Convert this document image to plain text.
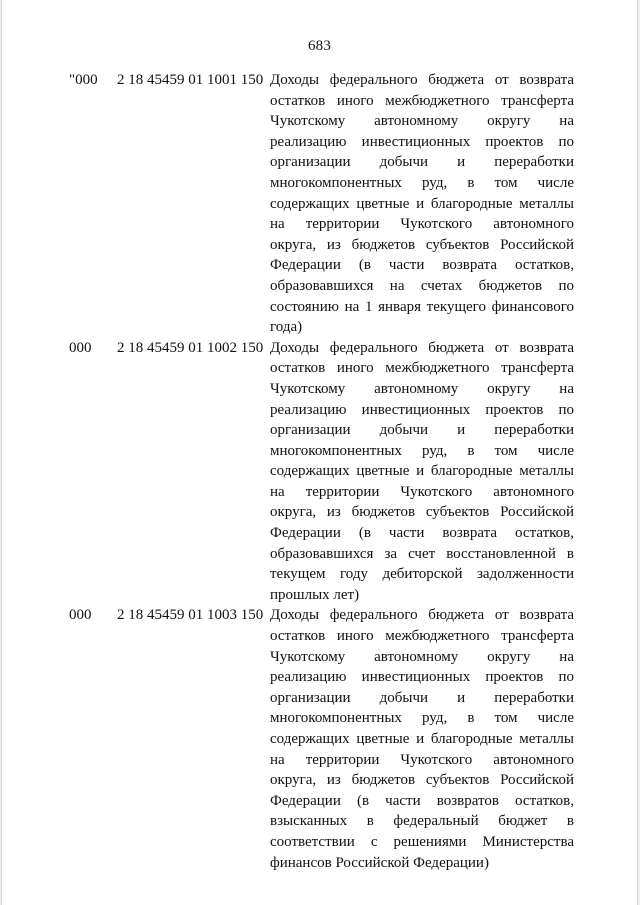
683
"000	2 18 45459 01 1001 150 Доходы федерального бюджета от возврата
остатков иного межбюджетного трансферта
Чукотскому автономному округу на
реализацию инвестиционных проектов по
организации добычи и переработки
многокомпонентных руд, в том числе
содержащих цветные и благородные металлы
на территории Чукотского автономного
округа, из бюджетов субъектов Российской
Федерации (в части возврата остатков,
образовавшихся на счетах бюджетов по
состоянию на 1 января текущего финансового
года)
000	2 18 45459 01 1002 150 Доходы федерального бюджета от возврата
остатков иного межбюджетного трансферта
Чукотскому автономному округу на
реализацию инвестиционных проектов по
организации добычи и переработки
многокомпонентных руд, в том числе
содержащих цветные и благородные металлы
на территории Чукотского автономного
округа, из бюджетов субъектов Российской
Федерации (в части возврата остатков,
образовавшихся за счет восстановленной в
текущем году дебиторской задолженности
прошлых лет)
000	2 18 45459 01 1003 150 Доходы федерального бюджета от возврата
остатков иного межбюджетного трансферта
Чукотскому автономному округу на
реализацию инвестиционных проектов по
организации добычи и переработки
многокомпонентных руд, в том числе
содержащих цветные и благородные металлы
на территории Чукотского автономного
округа, из бюджетов субъектов Российской
Федерации (в части возвратов остатков,
взысканных в федеральный бюджет в
соответствии с решениями Министерства
финансов Российской Федерации)
